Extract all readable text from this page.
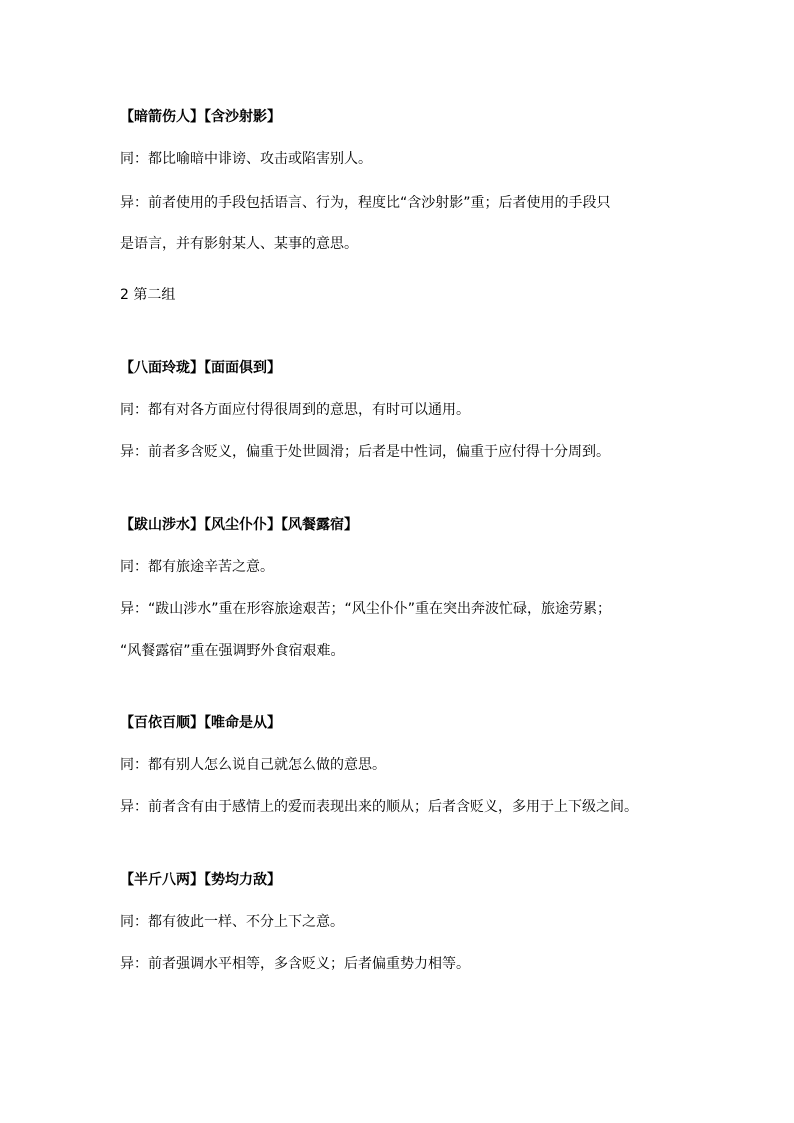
【暗箭伤人】【含沙射影】
同：都比喻暗中诽谤、攻击或陷害别人。
异：前者使用的手段包括语言、行为，程度比“含沙射影”重；后者使用的手段只
是语言，并有影射某人、某事的意思。
2 第二组
【八面玲珑】【面面俱到】
同：都有对各方面应付得很周到的意思，有时可以通用。
异：前者多含贬义，偏重于处世圆滑；后者是中性词，偏重于应付得十分周到。
【跋山涉水】【风尘仆仆】【风餐露宿】
同：都有旅途辛苦之意。
异：“跋山涉水”重在形容旅途艰苦；“风尘仆仆”重在突出奔波忙碌，旅途劳累；
“风餐露宿”重在强调野外食宿艰难。
【百依百顺】【唯命是从】
同：都有别人怎么说自己就怎么做的意思。
异：前者含有由于感情上的爱而表现出来的顺从；后者含贬义，多用于上下级之间。
【半斤八两】【势均力敌】
同：都有彼此一样、不分上下之意。
异：前者强调水平相等，多含贬义；后者偏重势力相等。
